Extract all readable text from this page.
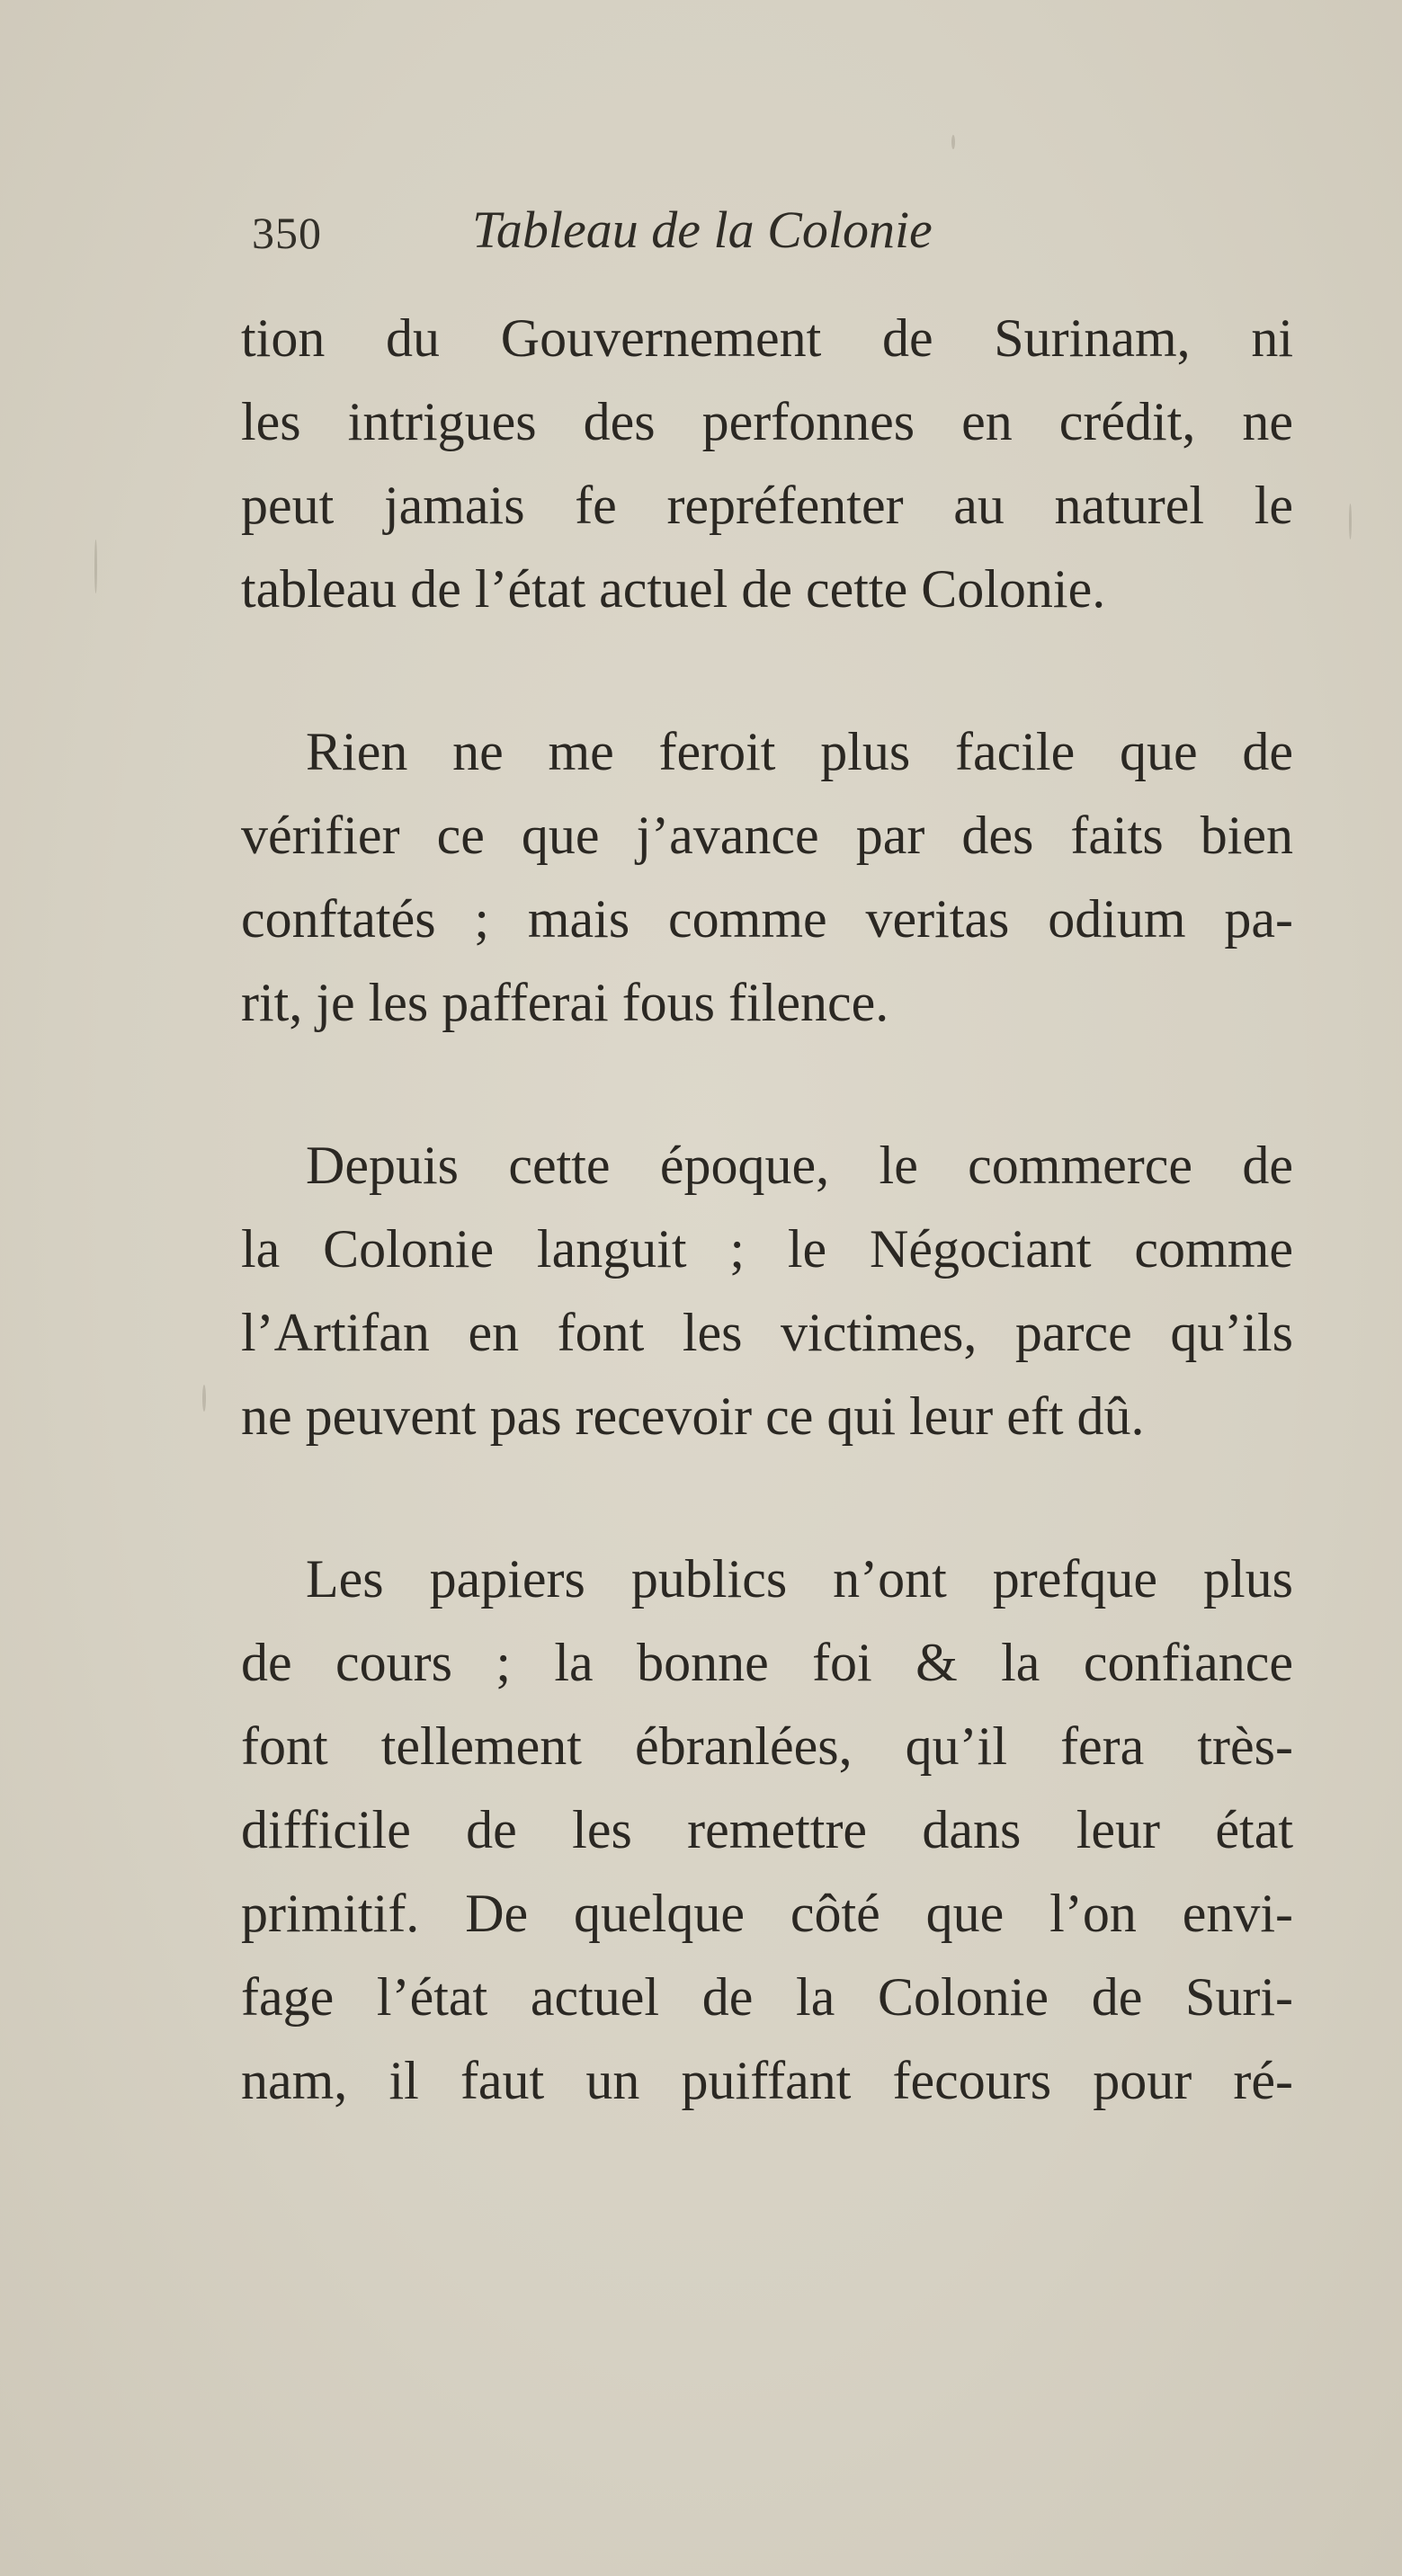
350	Tableau de la Colonie
tion du Gouvernement de Surinam, ni
les intrigues des perfonnes en crédit, ne
peut jamais fe repréfenter au naturel le
tableau de l’état actuel de cette Colonie.
Rien ne me feroit plus facile que de
vérifier ce que j’avance par des faits bien
conftatés ; mais comme veritas odium pa-
rit, je les pafferai fous filence.
Depuis cette époque, le commerce de
la Colonie languit ; le Négociant comme
l’Artifan en font les victimes, parce qu’ils
ne peuvent pas recevoir ce qui leur eft dû.
Les papiers publics n’ont prefque plus
de cours ; la bonne foi & la confiance
font tellement ébranlées, qu’il fera très-
difficile de les remettre dans leur état
primitif. De quelque côté que l’on envi-
fage l’état actuel de la Colonie de Suri-
nam, il faut un puiffant fecours pour ré-
